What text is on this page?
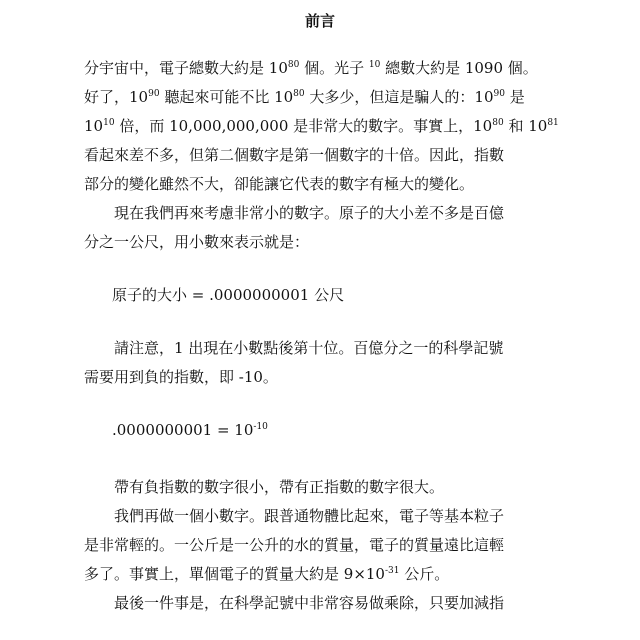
前言

分宇宙中，電子總數大約是 $10^{80}$ 個。光子 $^{10}$ 總數大約是 1090 個。

好了，$10^{90}$ 聽起來可能不比 $10^{80}$ 大多少，但這是騙人的：$10^{90}$ 是

$10^{10}$ 倍，而 10,000,000,000 是非常大的數字。事實上，$10^{80}$ 和 $10^{81}$

看起來差不多，但第二個數字是第一個數字的十倍。因此，指數

部分的變化雖然不大，卻能讓它代表的數字有極大的變化。

現在我們再來考慮非常小的數字。原子的大小差不多是百億

分之一公尺，用小數來表示就是：

原子的大小 = .0000000001 公尺

請注意，1 出現在小數點後第十位。百億分之一的科學記號

需要用到負的指數，即 -10。

$.0000000001 = 10^{-10}$

帶有負指數的數字很小，帶有正指數的數字很大。

我們再做一個小數字。跟普通物體比起來，電子等基本粒子

是非常輕的。一公斤是一公升的水的質量，電子的質量遠比這輕

多了。事實上，單個電子的質量大約是 $9\times 10^{-31}$ 公斤。

最後一件事是，在科學記號中非常容易做乘除，只要加減指
